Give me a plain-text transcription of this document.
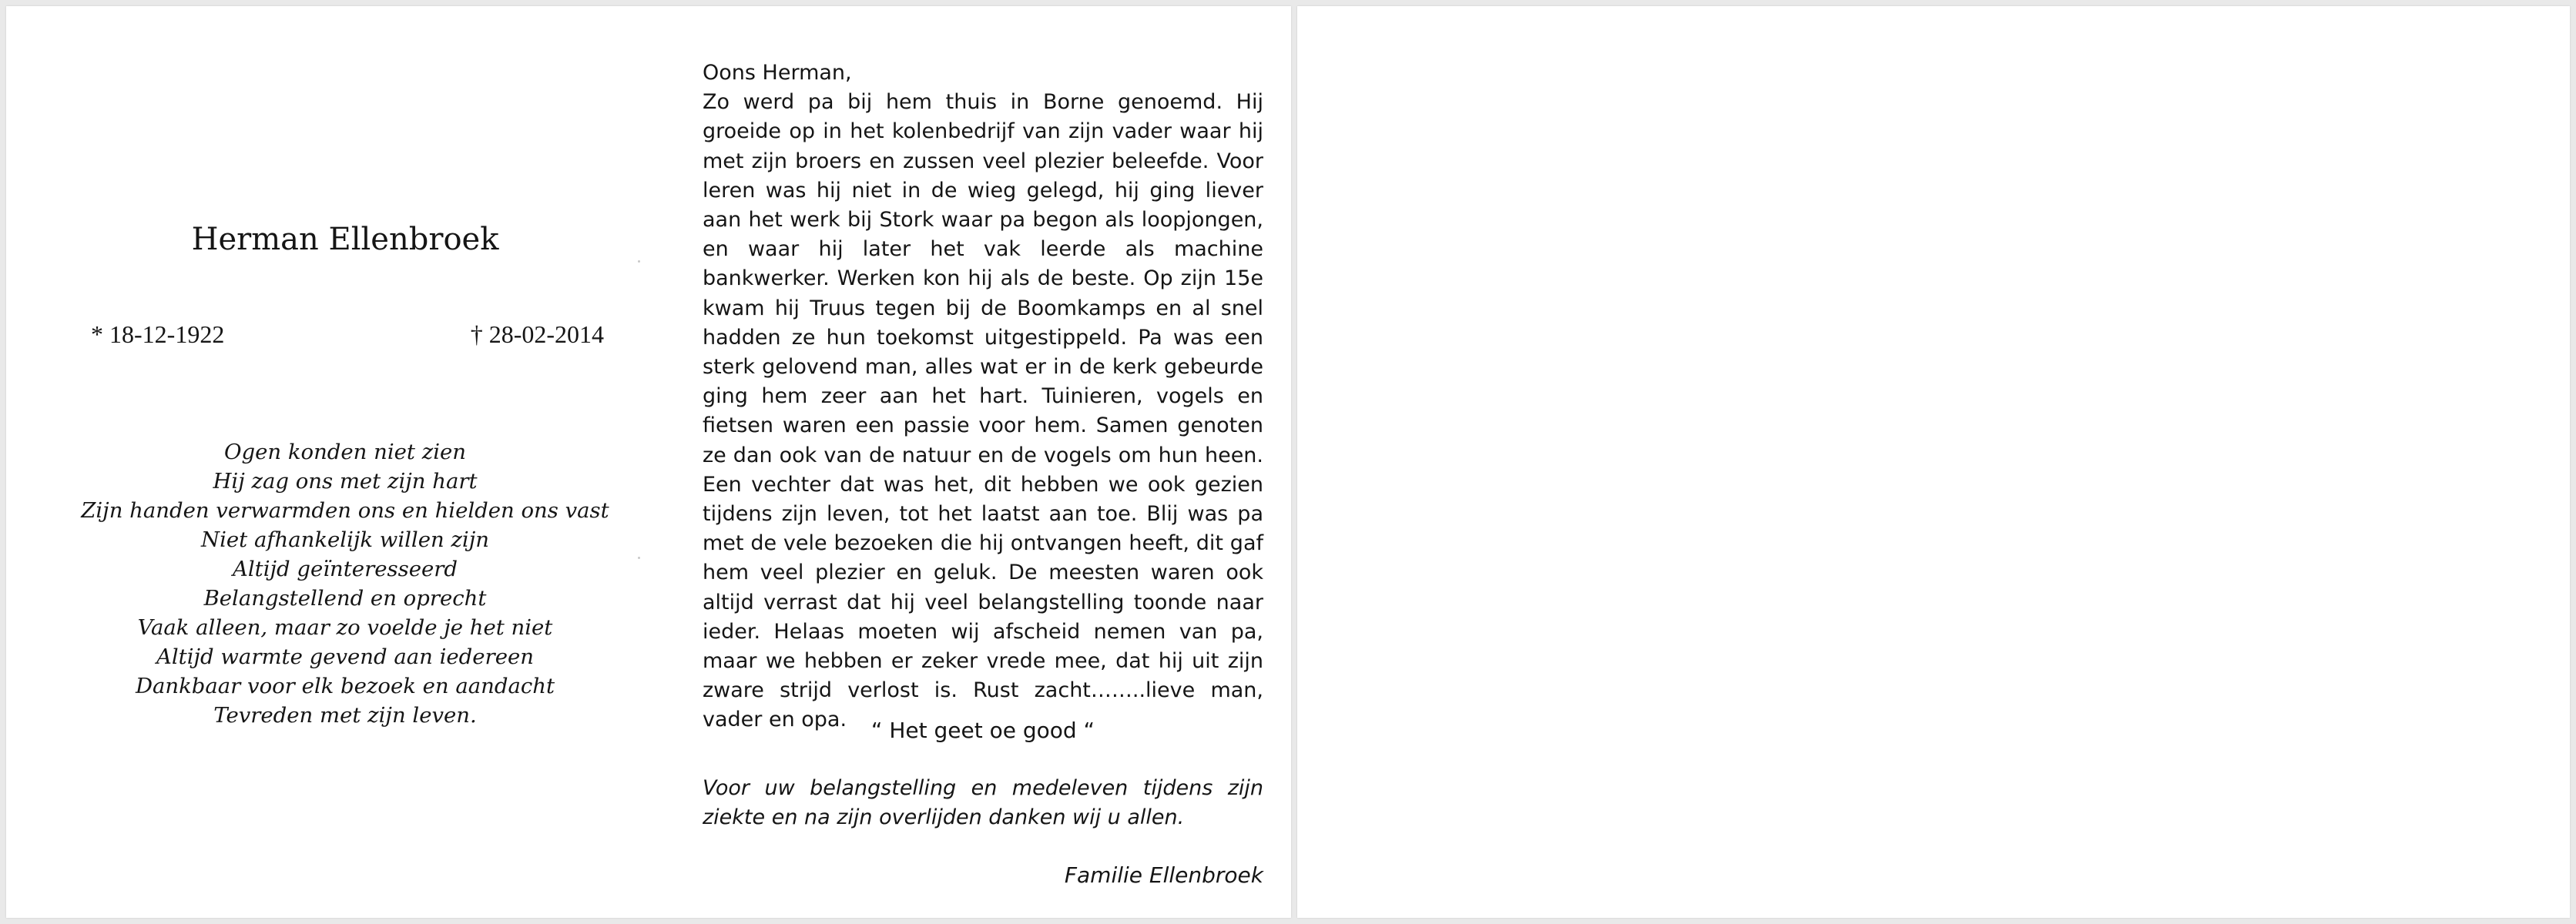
Herman Ellenbroek
* 18-12-1922	† 28-02-2014
Ogen konden niet zien
Hij zag ons met zijn hart
Zijn handen verwarmden ons en hielden ons vast
Niet afhankelijk willen zijn
Altijd geïnteresseerd
Belangstellend en oprecht
Vaak alleen, maar zo voelde je het niet
Altijd warmte gevend aan iedereen
Dankbaar voor elk bezoek en aandacht
Tevreden met zijn leven.
Oons Herman,
Zo werd pa bij hem thuis in Borne genoemd. Hij groeide op in het kolenbedrijf van zijn vader waar hij met zijn broers en zussen veel plezier beleefde. Voor leren was hij niet in de wieg gelegd, hij ging liever aan het werk bij Stork waar pa begon als loopjongen, en waar hij later het vak leerde als machine bankwerker. Werken kon hij als de beste. Op zijn 15e kwam hij Truus tegen bij de Boomkamps en al snel hadden ze hun toekomst uitgestippeld. Pa was een sterk gelovend man, alles wat er in de kerk gebeurde ging hem zeer aan het hart. Tuinieren, vogels en fietsen waren een passie voor hem. Samen genoten ze dan ook van de natuur en de vogels om hun heen. Een vechter dat was het, dit hebben we ook gezien tijdens zijn leven, tot het laatst aan toe. Blij was pa met de vele bezoeken die hij ontvangen heeft, dit gaf hem veel plezier en geluk. De meesten waren ook altijd verrast dat hij veel belangstelling toonde naar ieder. Helaas moeten wij afscheid nemen van pa, maar we hebben er zeker vrede mee, dat hij uit zijn zware strijd verlost is. Rust zacht……..lieve man, vader en opa.	“ Het geet oe good “
Voor uw belangstelling en medeleven tijdens zijn ziekte en na zijn overlijden danken wij u allen.
Familie Ellenbroek
